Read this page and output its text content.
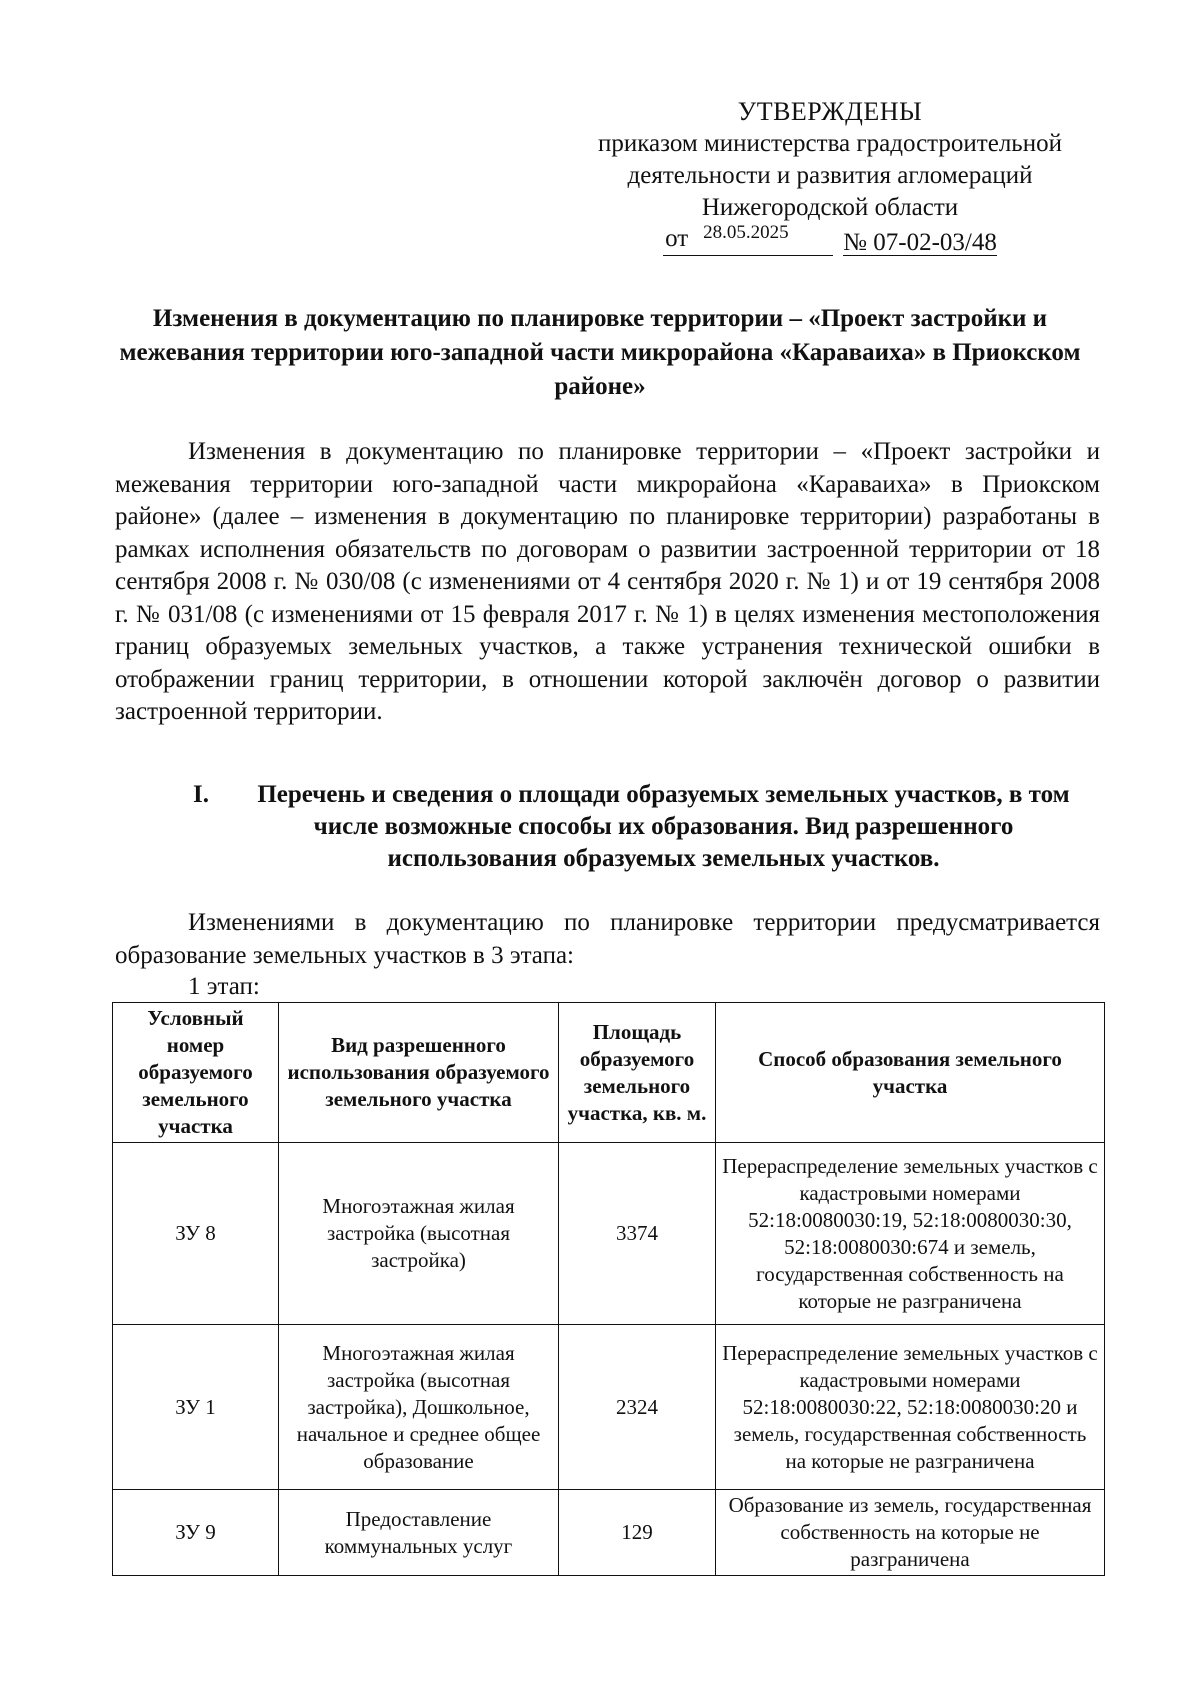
УТВЕРЖДЕНЫ
приказом министерства градостроительной
деятельности и развития агломераций
Нижегородской области
от 28.05.2025 № 07-02-03/48
Изменения в документацию по планировке территории – «Проект застройки и межевания территории юго-западной части микрорайона «Караваиха» в Приокском районе»
Изменения в документацию по планировке территории – «Проект застройки и межевания территории юго-западной части микрорайона «Караваиха» в Приокском районе» (далее – изменения в документацию по планировке территории) разработаны в рамках исполнения обязательств по договорам о развитии застроенной территории от 18 сентября 2008 г. № 030/08 (с изменениями от 4 сентября 2020 г. № 1) и от 19 сентября 2008 г. № 031/08 (с изменениями от 15 февраля 2017 г. № 1) в целях изменения местоположения границ образуемых земельных участков, а также устранения технической ошибки в отображении границ территории, в отношении которой заключён договор о развитии застроенной территории.
I.	Перечень и сведения о площади образуемых земельных участков, в том числе возможные способы их образования. Вид разрешенного использования образуемых земельных участков.
Изменениями в документацию по планировке территории предусматривается образование земельных участков в 3 этапа:
1 этап:
Условный номер образуемого земельного участка	Вид разрешенного использования образуемого земельного участка	Площадь образуемого земельного участка, кв. м.	Способ образования земельного участка
ЗУ 8	Многоэтажная жилая застройка (высотная застройка)	3374	Перераспределение земельных участков с кадастровыми номерами 52:18:0080030:19, 52:18:0080030:30, 52:18:0080030:674 и земель, государственная собственность на которые не разграничена
ЗУ 1	Многоэтажная жилая застройка (высотная застройка), Дошкольное, начальное и среднее общее образование	2324	Перераспределение земельных участков с кадастровыми номерами 52:18:0080030:22, 52:18:0080030:20 и земель, государственная собственность на которые не разграничена
ЗУ 9	Предоставление коммунальных услуг	129	Образование из земель, государственная собственность на которые не разграничена
